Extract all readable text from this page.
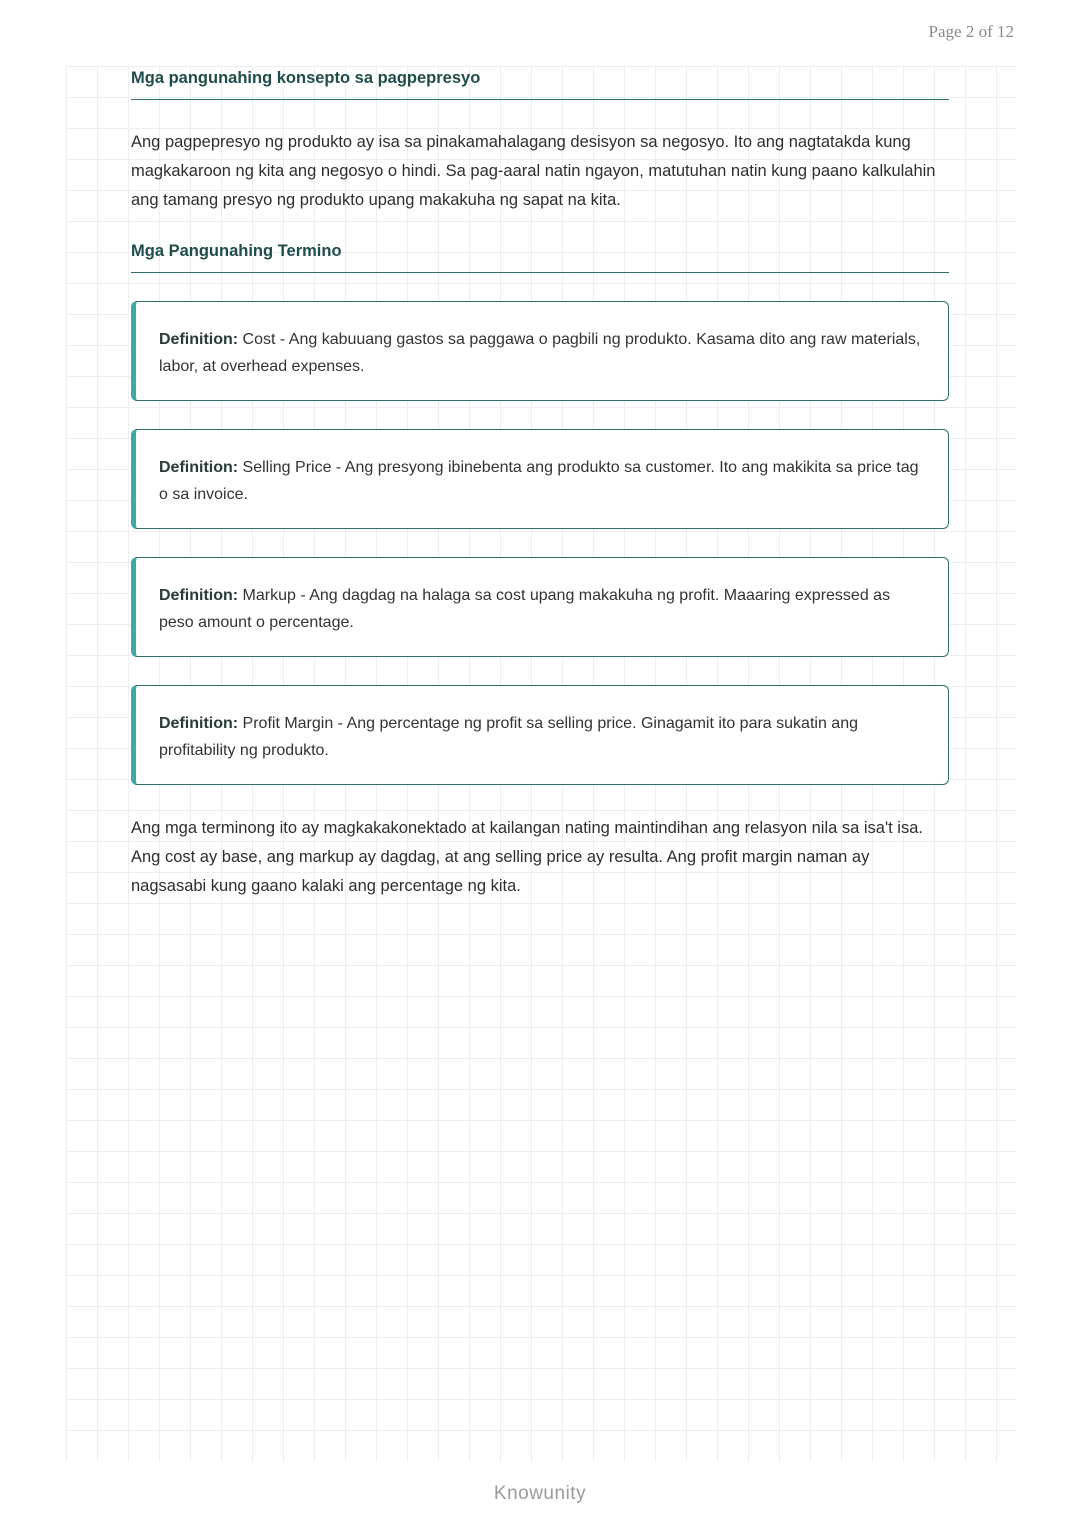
Page 2 of 12
Mga pangunahing konsepto sa pagpepresyo

Ang pagpepresyo ng produkto ay isa sa pinakamahalagang desisyon sa negosyo. Ito ang nagtatakda kung magkakaroon ng kita ang negosyo o hindi. Sa pag-aaral natin ngayon, matutuhan natin kung paano kalkulahin ang tamang presyo ng produkto upang makakuha ng sapat na kita.

Mga Pangunahing Termino
Definition: Cost - Ang kabuuang gastos sa paggawa o pagbili ng produkto. Kasama dito ang raw materials, labor, at overhead expenses.
Definition: Selling Price - Ang presyong ibinebenta ang produkto sa customer. Ito ang makikita sa price tag o sa invoice.
Definition: Markup - Ang dagdag na halaga sa cost upang makakuha ng profit. Maaaring expressed as peso amount o percentage.
Definition: Profit Margin - Ang percentage ng profit sa selling price. Ginagamit ito para sukatin ang profitability ng produkto.

Ang mga terminong ito ay magkakakonektado at kailangan nating maintindihan ang relasyon nila sa isa't isa. Ang cost ay base, ang markup ay dagdag, at ang selling price ay resulta. Ang profit margin naman ay nagsasabi kung gaano kalaki ang percentage ng kita.

Knowunity
